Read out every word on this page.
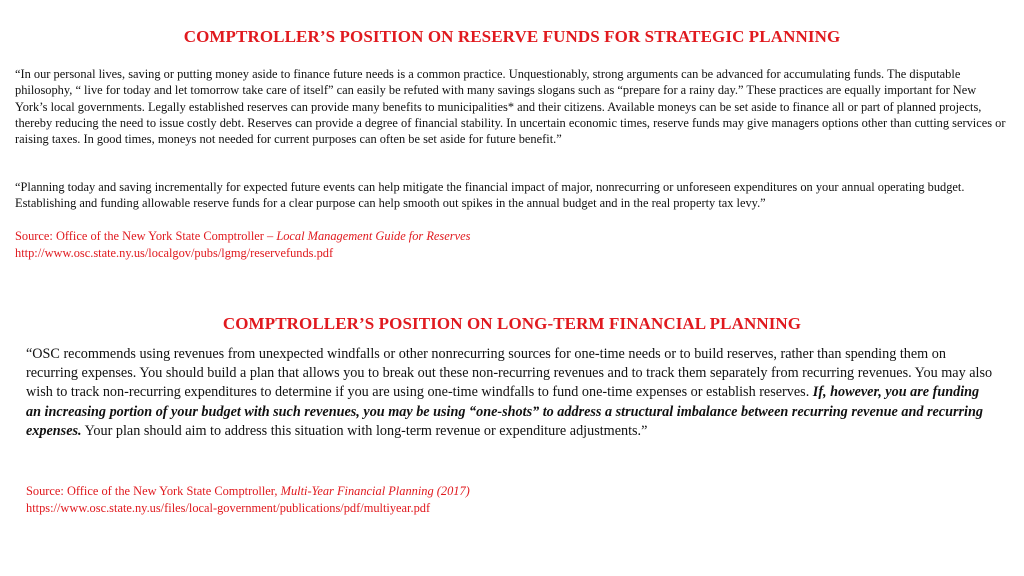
COMPTROLLER’S POSITION ON RESERVE FUNDS FOR STRATEGIC PLANNING

“In our personal lives, saving or putting money aside to finance future needs is a common practice. Unquestionably, strong arguments can be advanced for accumulating funds. The disputable philosophy, “ live for today and let tomorrow take care of itself” can easily be refuted with many savings slogans such as “prepare for a rainy day.” These practices are equally important for New York’s local governments. Legally established reserves can provide many benefits to municipalities* and their citizens. Available moneys can be set aside to finance all or part of planned projects, thereby reducing the need to issue costly debt. Reserves can provide a degree of financial stability. In uncertain economic times, reserve funds may give managers options other than cutting services or raising taxes. In good times, moneys not needed for current purposes can often be set aside for future benefit.”

“Planning today and saving incrementally for expected future events can help mitigate the financial impact of major, nonrecurring or unforeseen expenditures on your annual operating budget. Establishing and funding allowable reserve funds for a clear purpose can help smooth out spikes in the annual budget and in the real property tax levy.”

Source: Office of the New York State Comptroller – Local Management Guide for Reserves
http://www.osc.state.ny.us/localgov/pubs/lgmg/reservefunds.pdf

COMPTROLLER’S POSITION ON LONG-TERM FINANCIAL PLANNING

“OSC recommends using revenues from unexpected windfalls or other nonrecurring sources for one-time needs or to build reserves, rather than spending them on recurring expenses. You should build a plan that allows you to break out these non-recurring revenues and to track them separately from recurring revenues. You may also wish to track non-recurring expenditures to determine if you are using one-time windfalls to fund one-time expenses or establish reserves. If, however, you are funding an increasing portion of your budget with such revenues, you may be using “one-shots” to address a structural imbalance between recurring revenue and recurring expenses. Your plan should aim to address this situation with long-term revenue or expenditure adjustments.”

Source: Office of the New York State Comptroller, Multi-Year Financial Planning (2017)
https://www.osc.state.ny.us/files/local-government/publications/pdf/multiyear.pdf
